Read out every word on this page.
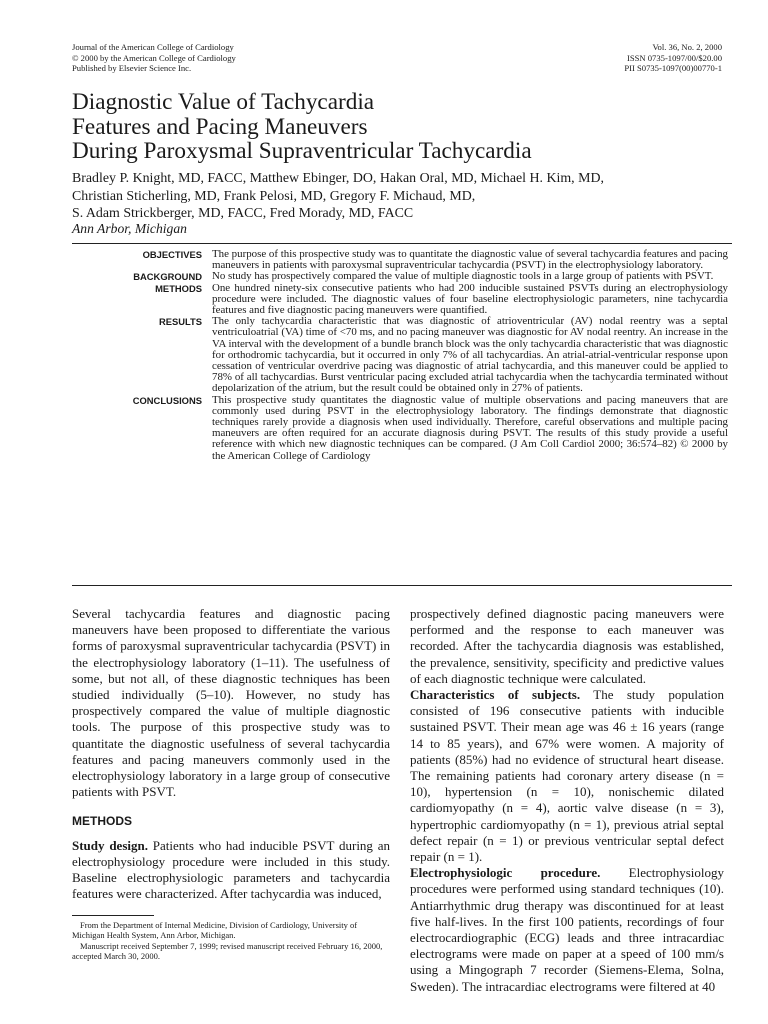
Journal of the American College of Cardiology
© 2000 by the American College of Cardiology
Published by Elsevier Science Inc.
Vol. 36, No. 2, 2000
ISSN 0735-1097/00/$20.00
PII S0735-1097(00)00770-1
Diagnostic Value of Tachycardia
Features and Pacing Maneuvers
During Paroxysmal Supraventricular Tachycardia
Bradley P. Knight, MD, FACC, Matthew Ebinger, DO, Hakan Oral, MD, Michael H. Kim, MD,
Christian Sticherling, MD, Frank Pelosi, MD, Gregory F. Michaud, MD,
S. Adam Strickberger, MD, FACC, Fred Morady, MD, FACC
Ann Arbor, Michigan
OBJECTIVES The purpose of this prospective study was to quantitate the diagnostic value of several tachycardia features and pacing maneuvers in patients with paroxysmal supraventricular tachycardia (PSVT) in the electrophysiology laboratory.
BACKGROUND No study has prospectively compared the value of multiple diagnostic tools in a large group of patients with PSVT.
METHODS One hundred ninety-six consecutive patients who had 200 inducible sustained PSVTs during an electrophysiology procedure were included. The diagnostic values of four baseline electrophysiologic parameters, nine tachycardia features and five diagnostic pacing maneuvers were quantified.
RESULTS The only tachycardia characteristic that was diagnostic of atrioventricular (AV) nodal reentry was a septal ventriculoatrial (VA) time of <70 ms, and no pacing maneuver was diagnostic for AV nodal reentry. An increase in the VA interval with the development of a bundle branch block was the only tachycardia characteristic that was diagnostic for orthodromic tachycardia, but it occurred in only 7% of all tachycardias. An atrial-atrial-ventricular response upon cessation of ventricular overdrive pacing was diagnostic of atrial tachycardia, and this maneuver could be applied to 78% of all tachycardias. Burst ventricular pacing excluded atrial tachycardia when the tachycardia terminated without depolarization of the atrium, but the result could be obtained only in 27% of patients.
CONCLUSIONS This prospective study quantitates the diagnostic value of multiple observations and pacing maneuvers that are commonly used during PSVT in the electrophysiology laboratory. The findings demonstrate that diagnostic techniques rarely provide a diagnosis when used individually. Therefore, careful observations and multiple pacing maneuvers are often required for an accurate diagnosis during PSVT. The results of this study provide a useful reference with which new diagnostic techniques can be compared. (J Am Coll Cardiol 2000; 36:574–82) © 2000 by the American College of Cardiology

Several tachycardia features and diagnostic pacing maneuvers have been proposed to differentiate the various forms of paroxysmal supraventricular tachycardia (PSVT) in the electrophysiology laboratory (1–11). The usefulness of some, but not all, of these diagnostic techniques has been studied individually (5–10). However, no study has prospectively compared the value of multiple diagnostic tools. The purpose of this prospective study was to quantitate the diagnostic usefulness of several tachycardia features and pacing maneuvers commonly used in the electrophysiology laboratory in a large group of consecutive patients with PSVT.

METHODS

Study design. Patients who had inducible PSVT during an electrophysiology procedure were included in this study. Baseline electrophysiologic parameters and tachycardia features were characterized. After tachycardia was induced,

prospectively defined diagnostic pacing maneuvers were performed and the response to each maneuver was recorded. After the tachycardia diagnosis was established, the prevalence, sensitivity, specificity and predictive values of each diagnostic technique were calculated.

Characteristics of subjects. The study population consisted of 196 consecutive patients with inducible sustained PSVT. Their mean age was 46 ± 16 years (range 14 to 85 years), and 67% were women. A majority of patients (85%) had no evidence of structural heart disease. The remaining patients had coronary artery disease (n = 10), hypertension (n = 10), nonischemic dilated cardiomyopathy (n = 4), aortic valve disease (n = 3), hypertrophic cardiomyopathy (n = 1), previous atrial septal defect repair (n = 1) or previous ventricular septal defect repair (n = 1).

Electrophysiologic procedure. Electrophysiology procedures were performed using standard techniques (10). Antiarrhythmic drug therapy was discontinued for at least five half-lives. In the first 100 patients, recordings of four electrocardiographic (ECG) leads and three intracardiac electrograms were made on paper at a speed of 100 mm/s using a Mingograph 7 recorder (Siemens-Elema, Solna, Sweden). The intracardiac electrograms were filtered at 40

From the Department of Internal Medicine, Division of Cardiology, University of Michigan Health System, Ann Arbor, Michigan.

Manuscript received September 7, 1999; revised manuscript received February 16, 2000, accepted March 30, 2000.
